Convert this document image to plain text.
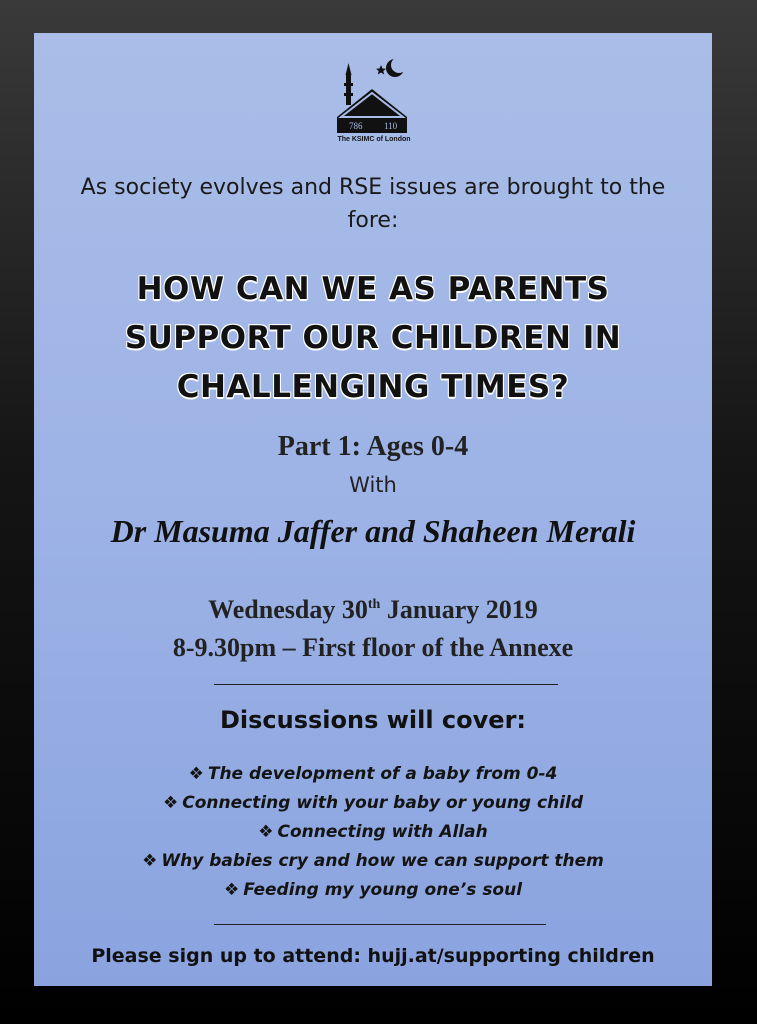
786 110
The KSIMC of London
As society evolves and RSE issues are brought to the fore:
HOW CAN WE AS PARENTS
SUPPORT OUR CHILDREN IN
CHALLENGING TIMES?
Part 1: Ages 0-4
With
Dr Masuma Jaffer and Shaheen Merali
Wednesday 30th January 2019
8-9.30pm – First floor of the Annexe
Discussions will cover:
❖ The development of a baby from 0-4
❖ Connecting with your baby or young child
❖ Connecting with Allah
❖ Why babies cry and how we can support them
❖ Feeding my young one’s soul
Please sign up to attend: hujj.at/supporting children
